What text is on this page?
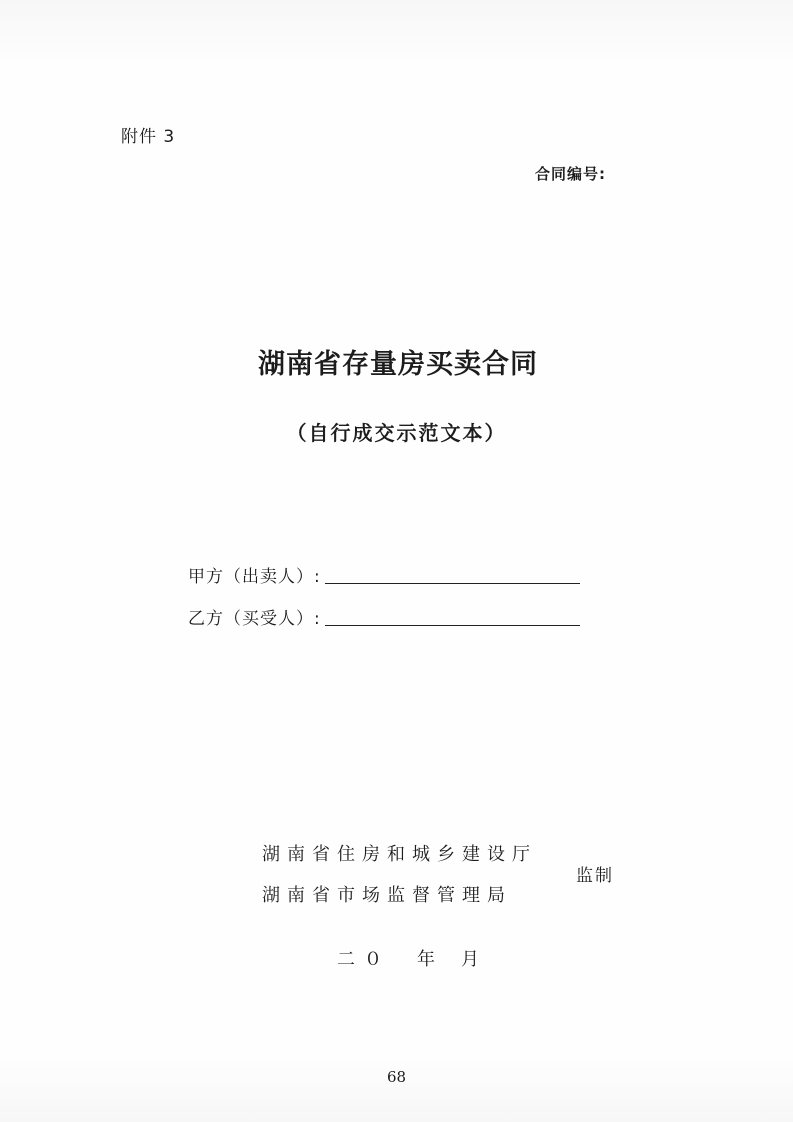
附件 3
合同编号:
湖南省存量房买卖合同
（自行成交示范文本）
甲方（出卖人）:
乙方（买受人）:
湖南省住房和城乡建设厅
湖南省市场监督管理局
监制
二０ 年 月
68
